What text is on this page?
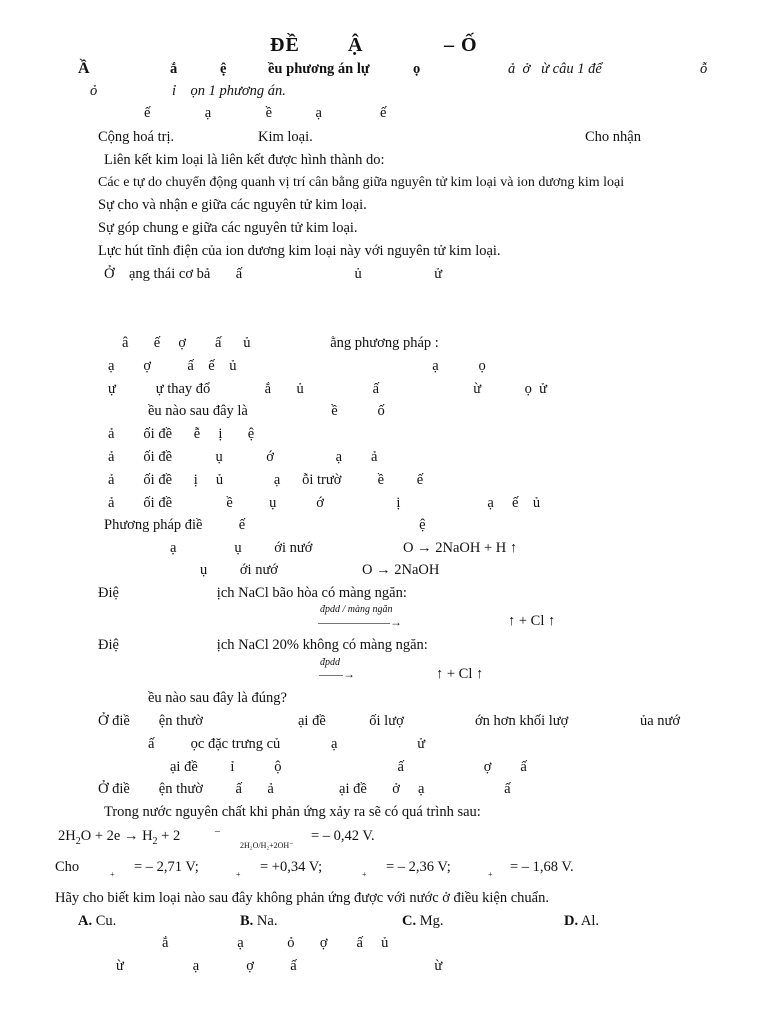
ĐỀ Ậ	– Ố
Ầ	ắ	ệ	ều phương án lự	ọ	ả  ở   ừ câu 1 để	ỗ
ỏ	ỉ    ọn 1 phương án.
ế               ạ               ề            ạ                ế
Cộng hoá trị.	Kim loại.	Cho nhận
Liên kết kim loại là liên kết được hình thành do:
Các e tự do chuyển động quanh vị trí cân bằng giữa nguyên tử kim loại và ion dương kim loại
Sự cho và nhận e giữa các nguyên tử kim loại.
Sự góp chung e giữa các nguyên tử kim loại.
Lực hút tĩnh điện của ion dương kim loại này với nguyên tử kim loại.
Ở    ạng thái cơ bả       ấ                               ủ                    ử
â       ế     ợ        ấ      ủ                      ằng phương pháp :
ạ        ợ          ấ    ế    ủ                                                      ạ           ọ
ự           ự thay đổ               ắ       ủ                   ấ                          ừ            ọ  ử
ều nào sau đây là                       ề           ố
ả        ối đề      ễ     ị       ệ
ả        ối đề            ụ            ớ                 ạ        ả
ả        ối đề      ị     ủ              ạ      ỗi trườ          ề         ế
ả        ối đề               ề          ụ           ớ                    ị                        ạ     ế    ủ
Phương pháp điề          ế                                                ệ
ạ                ụ         ới nướ	O → 2NaOH + H ↑
ụ         ới nướ	O → 2NaOH
Điệ                           ịch NaCl bão hòa có màng ngăn:
đpdd / màng ngăn
——————→	↑ + Cl ↑
Điệ                           ịch NaCl 20% không có màng ngăn:
đpdd
——→	↑ + Cl ↑
ều nào sau đây là đúng?
Ở điề        ện thườ	ại đề            ối lượ	ớn hơn khối lượ	ủa nướ
ấ          ọc đặc trưng củ              ạ                      ử
ại đề         ỉ           ộ                                ấ                      ợ        ấ
Ở điề        ện thườ         ấ       ả                  ại đề       ở     ạ                      ấ
Trong nước nguyên chất khi phản ứng xảy ra sẽ có quá trình sau:
$2H_2O + 2e \to H_2 + 2$	–
2H₂O/H₂+2OH⁻
= – 0,42 V.
Cho	+ = – 2,71 V;	+ = +0,34 V;	+ = – 2,36 V;	+ = – 1,68 V.
Hãy cho biết kim loại nào sau đây không phản ứng được với nước ở điều kiện chuẩn.
A. Cu.	B. Na.	C. Mg.	D. Al.
ắ                   ạ            ỏ       ợ        ấ     ủ
ừ                   ạ             ợ          ấ                                      ừ
